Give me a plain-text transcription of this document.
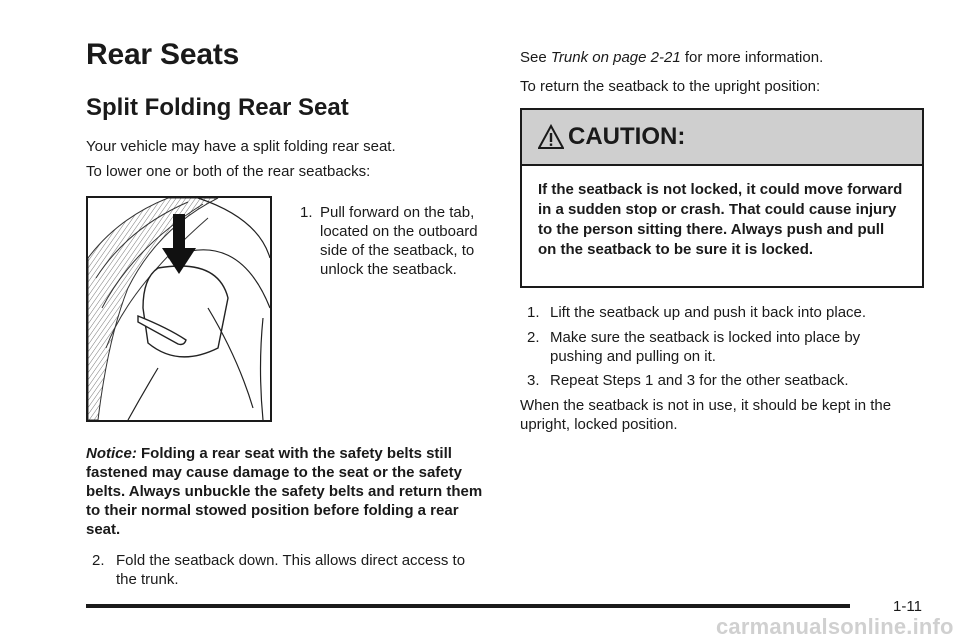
Rear Seats
Split Folding Rear Seat

Your vehicle may have a split folding rear seat.

To lower one or both of the rear seatbacks:

1. Pull forward on the tab, located on the outboard side of the seatback, to unlock the seatback.

Notice: Folding a rear seat with the safety belts still fastened may cause damage to the seat or the safety belts. Always unbuckle the safety belts and return them to their normal stowed position before folding a rear seat.

2. Fold the seatback down. This allows direct access to the trunk.

See Trunk on page 2-21 for more information.

To return the seatback to the upright position:

CAUTION:
If the seatback is not locked, it could move forward in a sudden stop or crash. That could cause injury to the person sitting there. Always push and pull on the seatback to be sure it is locked.
1. Lift the seatback up and push it back into place.
2. Make sure the seatback is locked into place by pushing and pulling on it.
3. Repeat Steps 1 and 3 for the other seatback.

When the seatback is not in use, it should be kept in the upright, locked position.

1-11
carmanualsonline.info
